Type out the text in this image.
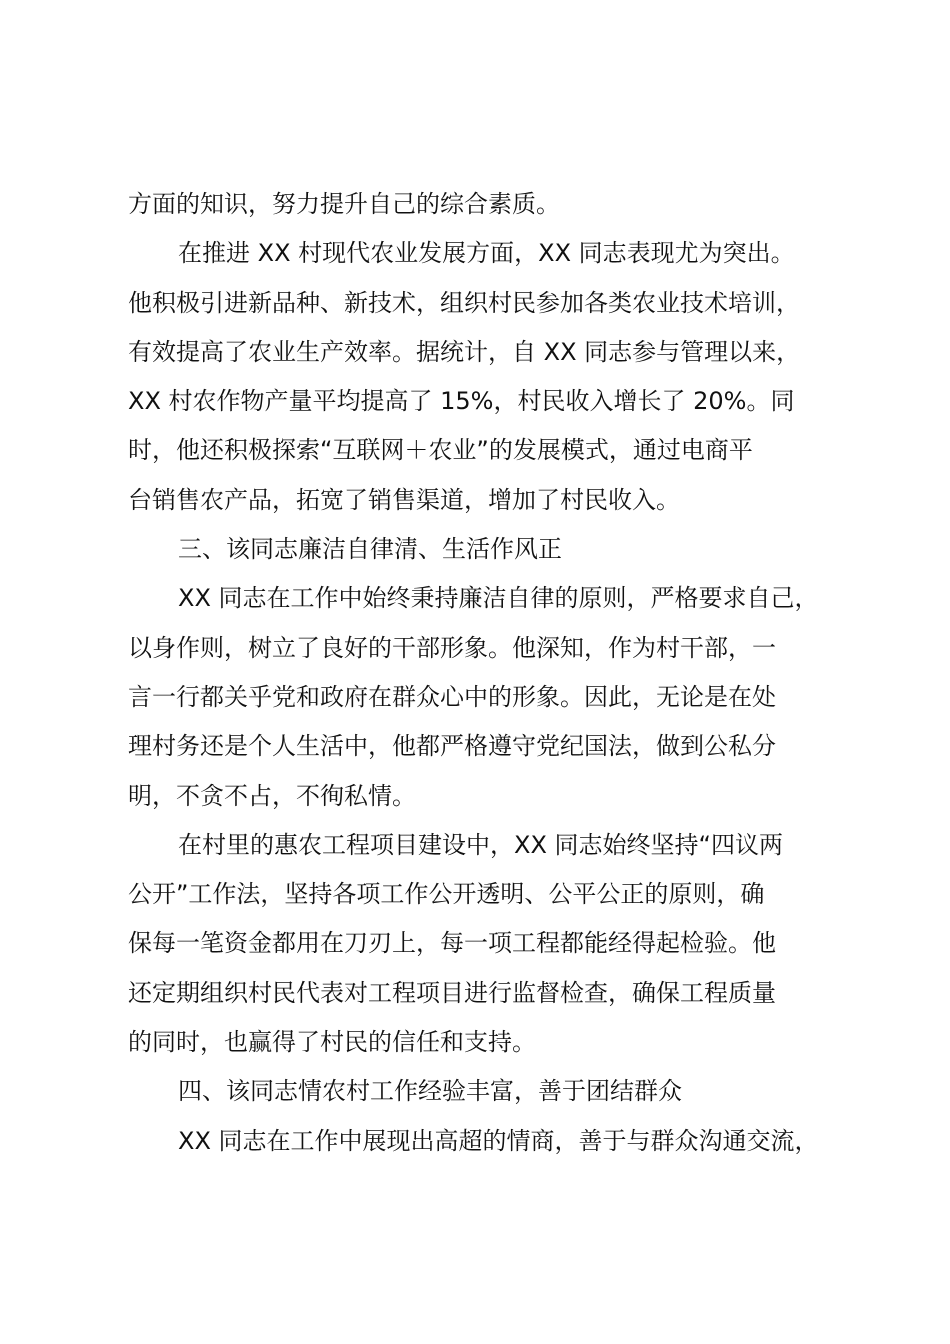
方面的知识，努力提升自己的综合素质。
在推进 XX 村现代农业发展方面，XX 同志表现尤为突出。
他积极引进新品种、新技术，组织村民参加各类农业技术培训，
有效提高了农业生产效率。据统计，自 XX 同志参与管理以来，
XX 村农作物产量平均提高了 15%，村民收入增长了 20%。同
时，他还积极探索“互联网＋农业”的发展模式，通过电商平
台销售农产品，拓宽了销售渠道，增加了村民收入。
三、该同志廉洁自律清、生活作风正
XX 同志在工作中始终秉持廉洁自律的原则，严格要求自己，
以身作则，树立了良好的干部形象。他深知，作为村干部，一
言一行都关乎党和政府在群众心中的形象。因此，无论是在处
理村务还是个人生活中，他都严格遵守党纪国法，做到公私分
明，不贪不占，不徇私情。
在村里的惠农工程项目建设中，XX 同志始终坚持“四议两
公开”工作法，坚持各项工作公开透明、公平公正的原则，确
保每一笔资金都用在刀刃上，每一项工程都能经得起检验。他
还定期组织村民代表对工程项目进行监督检查，确保工程质量
的同时，也赢得了村民的信任和支持。
四、该同志情农村工作经验丰富，善于团结群众
XX 同志在工作中展现出高超的情商，善于与群众沟通交流，
